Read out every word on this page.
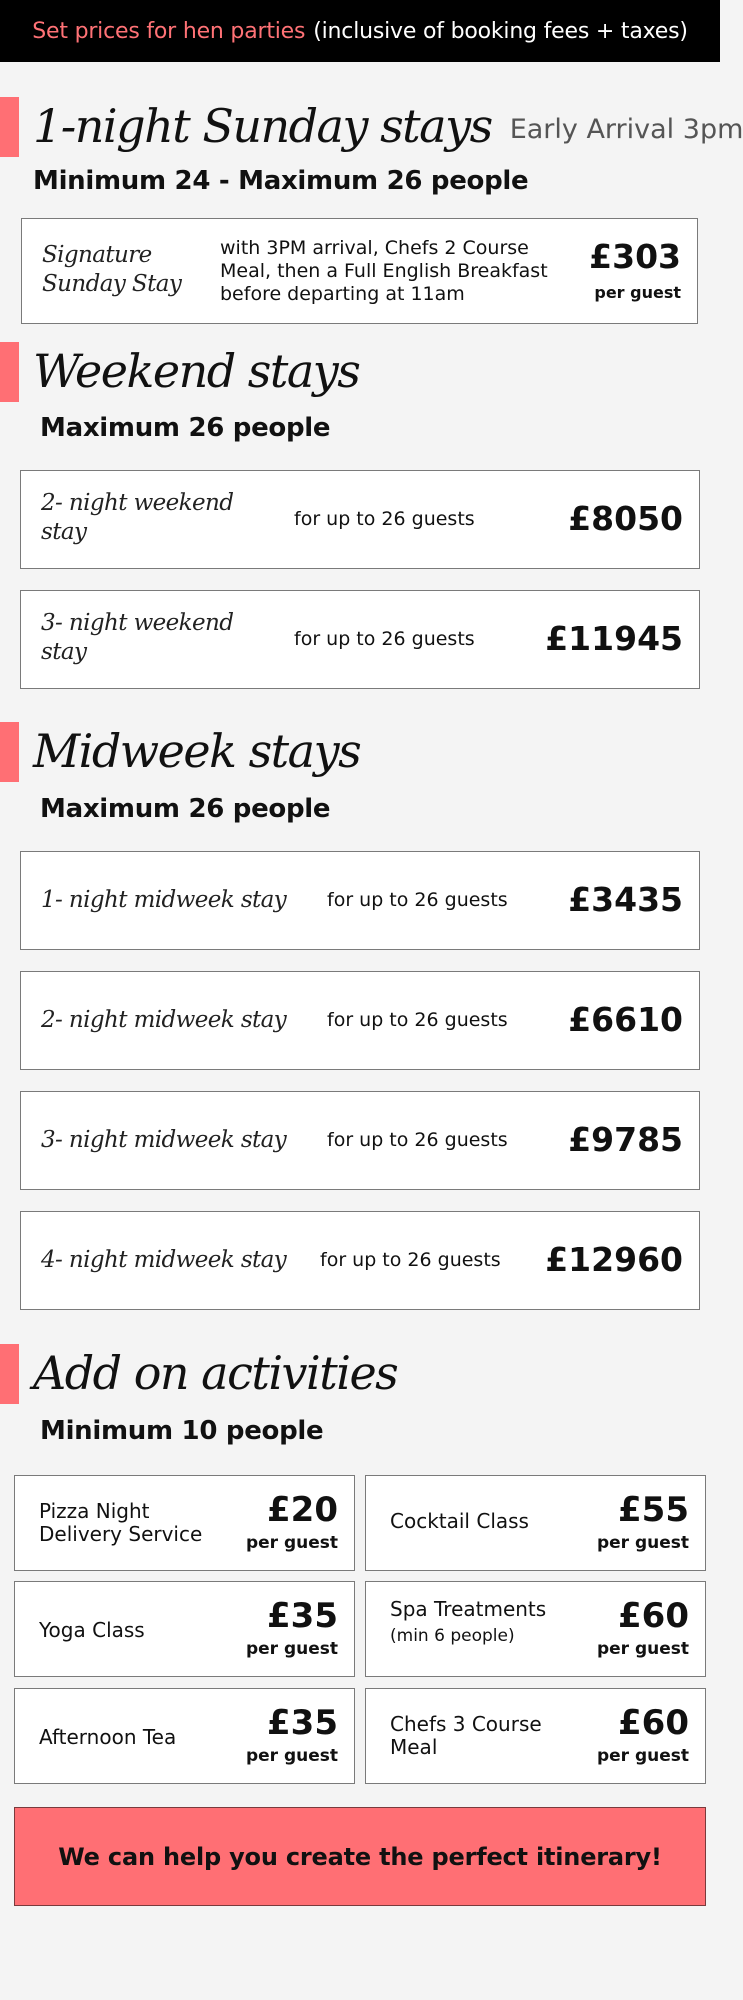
Set prices for hen parties (inclusive of booking fees + taxes)
1-night Sunday stays Early Arrival 3pm
Minimum 24 - Maximum 26 people
Signature Sunday Stay
with 3PM arrival, Chefs 2 Course Meal, then a Full English Breakfast before departing at 11am
£303
per guest
Weekend stays
Maximum 26 people
2- night weekend stay	for up to 26 guests	£8050
3- night weekend stay	for up to 26 guests £11945
Midweek stays
Maximum 26 people
1- night midweek stay for up to 26 guests £3435
2- night midweek stay for up to 26 guests £6610
3- night midweek stay for up to 26 guests £9785
4- night midweek stay for up to 26 guests £12960
Add on activities
Minimum 10 people
Pizza Night Delivery Service
£20
per guest
Cocktail Class	£55
per guest
Yoga Class	£35
per guest
Spa Treatments
(min 6 people)	£60
per guest
Afternoon Tea	£35
per guest
Chefs 3 Course Meal
£60
per guest
We can help you create the perfect itinerary!
